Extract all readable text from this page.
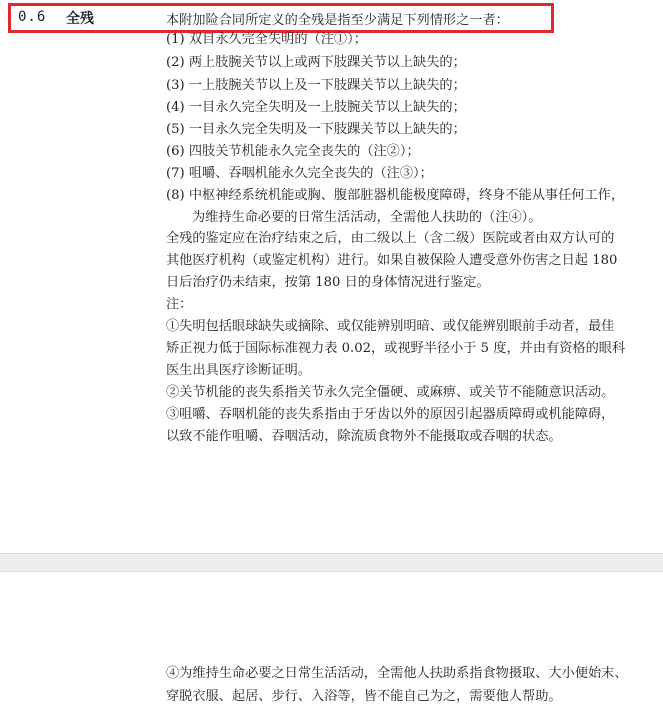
0.6 全残	本附加险合同所定义的全残是指至少满足下列情形之一者：
(1) 双目永久完全失明的（注①）；
(2) 两上肢腕关节以上或两下肢踝关节以上缺失的；
(3) 一上肢腕关节以上及一下肢踝关节以上缺失的；
(4) 一目永久完全失明及一上肢腕关节以上缺失的；
(5) 一目永久完全失明及一下肢踝关节以上缺失的；
(6) 四肢关节机能永久完全丧失的（注②）；
(7) 咀嚼、吞咽机能永久完全丧失的（注③）；
(8) 中枢神经系统机能或胸、腹部脏器机能极度障碍，终身不能从事任何工作，
为维持生命必要的日常生活活动，全需他人扶助的（注④）。
全残的鉴定应在治疗结束之后，由二级以上（含二级）医院或者由双方认可的
其他医疗机构（或鉴定机构）进行。如果自被保险人遭受意外伤害之日起 180
日后治疗仍未结束，按第 180 日的身体情况进行鉴定。
注：
①失明包括眼球缺失或摘除、或仅能辨别明暗、或仅能辨别眼前手动者，最佳
矫正视力低于国际标准视力表 0.02，或视野半径小于 5 度，并由有资格的眼科
医生出具医疗诊断证明。
②关节机能的丧失系指关节永久完全僵硬、或麻痹、或关节不能随意识活动。
③咀嚼、吞咽机能的丧失系指由于牙齿以外的原因引起器质障碍或机能障碍，
以致不能作咀嚼、吞咽活动，除流质食物外不能摄取或吞咽的状态。
④为维持生命必要之日常生活活动，全需他人扶助系指食物摄取、大小便始末、
穿脱衣服、起居、步行、入浴等，皆不能自己为之，需要他人帮助。
